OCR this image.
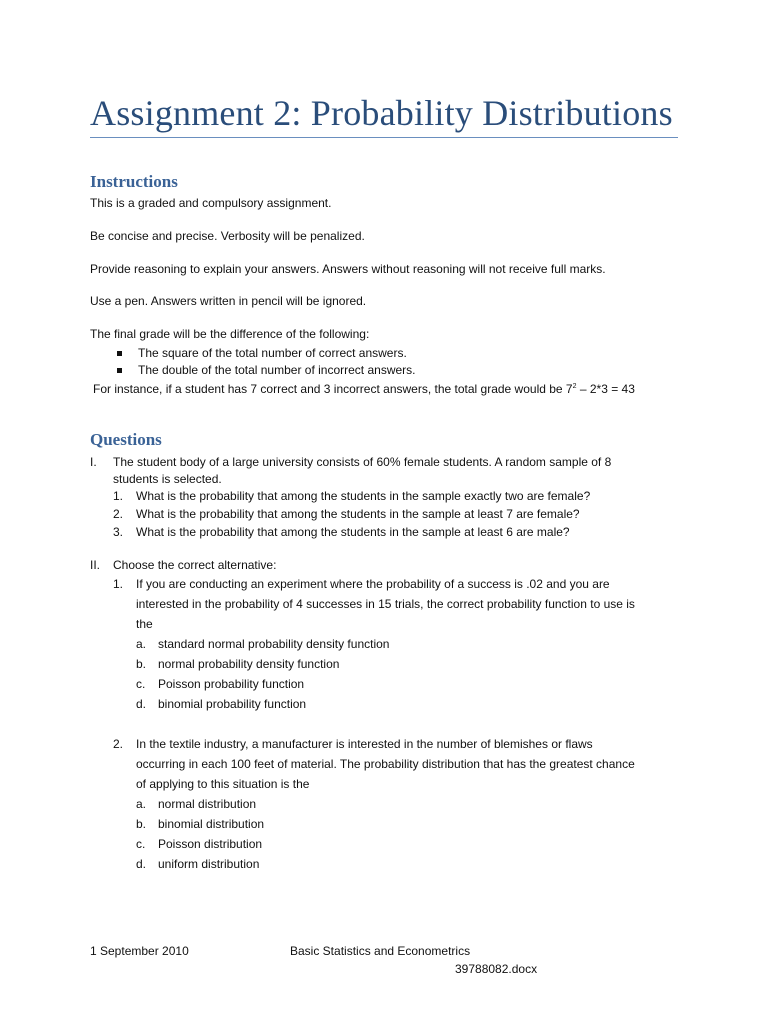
Assignment 2: Probability Distributions
Instructions
This is a graded and compulsory assignment.
Be concise and precise. Verbosity will be penalized.
Provide reasoning to explain your answers. Answers without reasoning will not receive full marks.
Use a pen. Answers written in pencil will be ignored.
The final grade will be the difference of the following:
The square of the total number of correct answers.
The double of the total number of incorrect answers.
For instance, if a student has 7 correct and 3 incorrect answers, the total grade would be $7^2 - 2*3 = 43$
Questions
I. The student body of a large university consists of 60% female students. A random sample of 8
students is selected.
1. What is the probability that among the students in the sample exactly two are female?
2. What is the probability that among the students in the sample at least 7 are female?
3. What is the probability that among the students in the sample at least 6 are male?
II. Choose the correct alternative:
1. If you are conducting an experiment where the probability of a success is .02 and you are
interested in the probability of 4 successes in 15 trials, the correct probability function to use is
the
a. standard normal probability density function
b. normal probability density function
c. Poisson probability function
d. binomial probability function
2. In the textile industry, a manufacturer is interested in the number of blemishes or flaws
occurring in each 100 feet of material. The probability distribution that has the greatest chance
of applying to this situation is the
a. normal distribution
b. binomial distribution
c. Poisson distribution
d. uniform distribution
1 September 2010	Basic Statistics and Econometrics
39788082.docx
